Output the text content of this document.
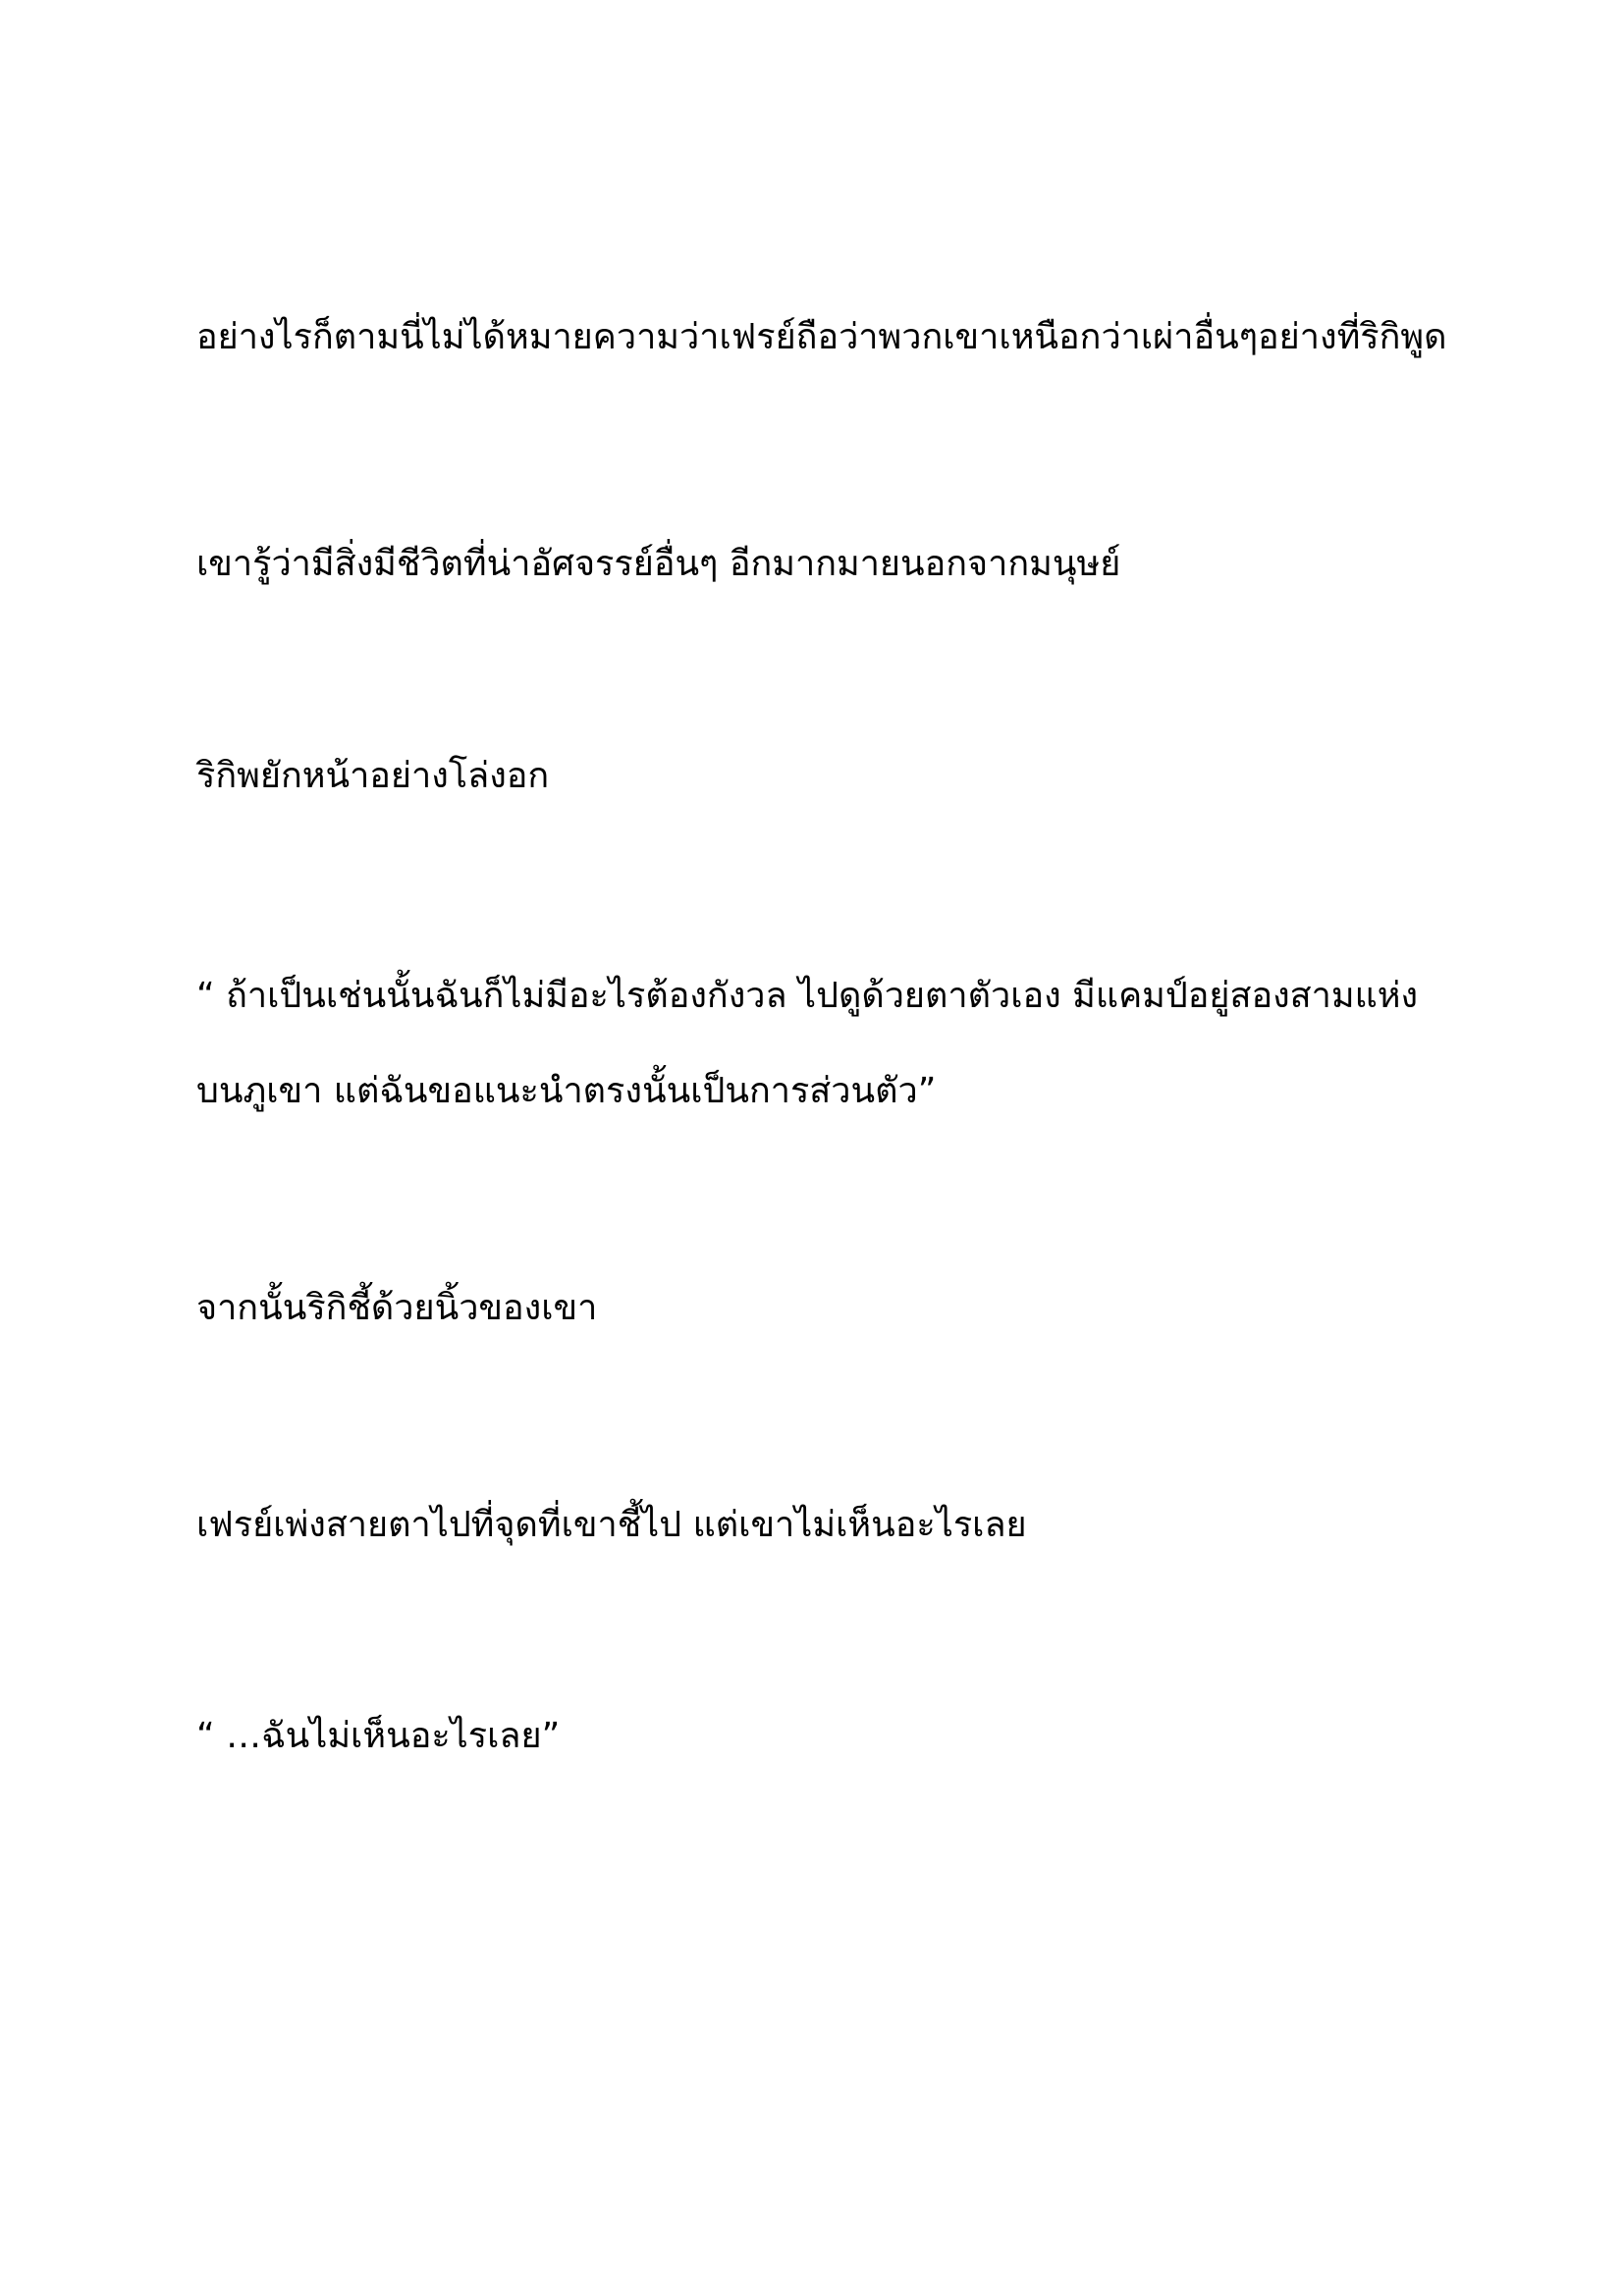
อย่างไรก็ตามนี่ไม่ได้หมายความว่าเฟรย์ถือว่าพวกเขาเหนือกว่าเผ่าอื่นๆอย่างที่ริกิพูด
เขารู้ว่ามีสิ่งมีชีวิตที่น่าอัศจรรย์อื่นๆ อีกมากมายนอกจากมนุษย์
ริกิพยักหน้าอย่างโล่งอก
“ ถ้าเป็นเช่นนั้นฉันก็ไม่มีอะไรต้องกังวล ไปดูด้วยตาตัวเอง มีแคมป์อยู่สองสามแห่ง
บนภูเขา แต่ฉันขอแนะนำตรงนั้นเป็นการส่วนตัว”
จากนั้นริกิชี้ด้วยนิ้วของเขา
เฟรย์เพ่งสายตาไปที่จุดที่เขาชี้ไป แต่เขาไม่เห็นอะไรเลย
“ …ฉันไม่เห็นอะไรเลย”
